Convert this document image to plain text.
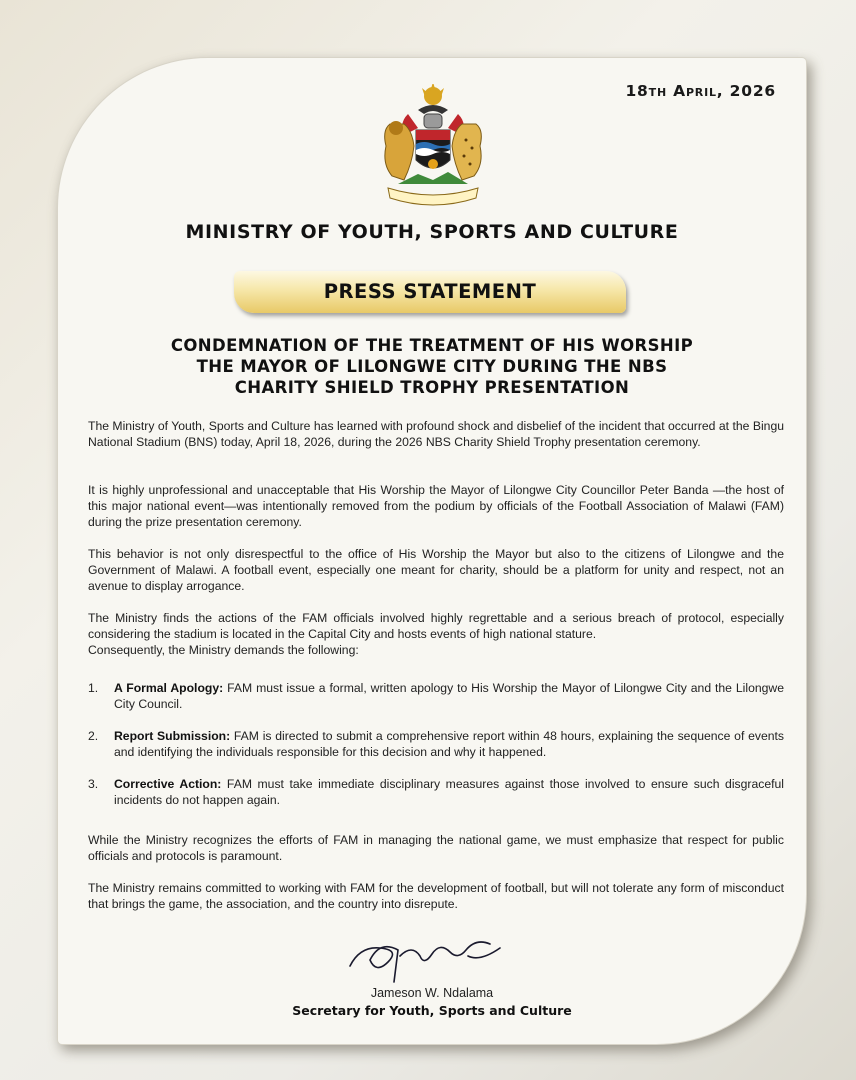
18th April, 2026
MINISTRY OF YOUTH, SPORTS AND CULTURE
PRESS STATEMENT
CONDEMNATION OF THE TREATMENT OF HIS WORSHIP
THE MAYOR OF LILONGWE CITY DURING THE NBS
CHARITY SHIELD TROPHY PRESENTATION

The Ministry of Youth, Sports and Culture has learned with profound shock and disbelief of the incident that occurred at the Bingu National Stadium (BNS) today, April 18, 2026, during the 2026 NBS Charity Shield Trophy presentation ceremony.

It is highly unprofessional and unacceptable that His Worship the Mayor of Lilongwe City Councillor Peter Banda —the host of this major national event—was intentionally removed from the podium by officials of the Football Association of Malawi (FAM) during the prize presentation ceremony.

This behavior is not only disrespectful to the office of His Worship the Mayor but also to the citizens of Lilongwe and the Government of Malawi. A football event, especially one meant for charity, should be a platform for unity and respect, not an avenue to display arrogance.

The Ministry finds the actions of the FAM officials involved highly regrettable and a serious breach of protocol, especially considering the stadium is located in the Capital City and hosts events of high national stature.

Consequently, the Ministry demands the following:

1. A Formal Apology: FAM must issue a formal, written apology to His Worship the Mayor of Lilongwe City and the Lilongwe City Council.
2. Report Submission: FAM is directed to submit a comprehensive report within 48 hours, explaining the sequence of events and identifying the individuals responsible for this decision and why it happened.
3. Corrective Action: FAM must take immediate disciplinary measures against those involved to ensure such disgraceful incidents do not happen again.

While the Ministry recognizes the efforts of FAM in managing the national game, we must emphasize that respect for public officials and protocols is paramount.

The Ministry remains committed to working with FAM for the development of football, but will not tolerate any form of misconduct that brings the game, the association, and the country into disrepute.

Jameson W. Ndalama
Secretary for Youth, Sports and Culture
